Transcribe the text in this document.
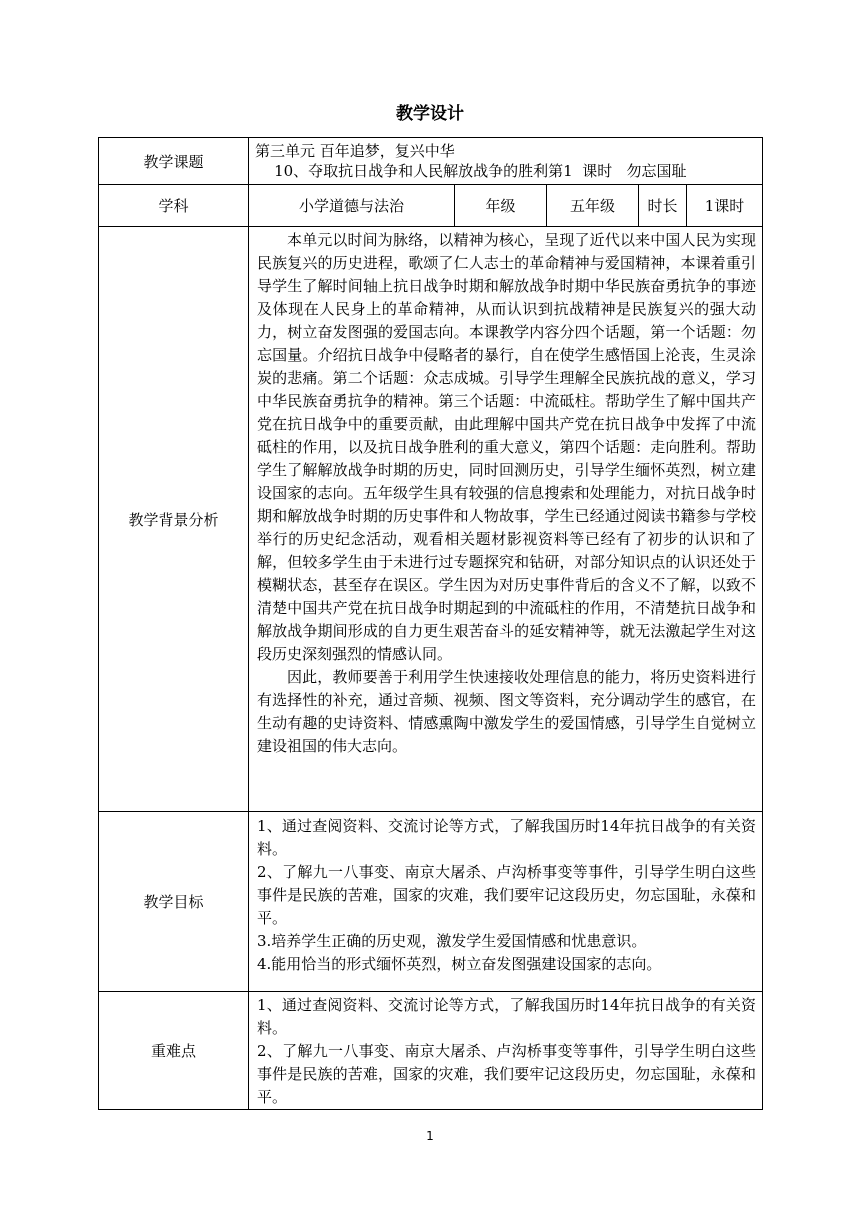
教学设计
教学课题	第三单元 百年追梦，复兴中华
10、夺取抗日战争和人民解放战争的胜利第1  课时   勿忘国耻				

学科	小学道德与法治	年级	五年级	时长	1课时
教学背景分析	本单元以时间为脉络，以精神为核心，呈现了近代以来中国人民为实现民族复兴的历史进程，歌颂了仁人志士的革命精神与爱国精神，本课着重引导学生了解时间轴上抗日战争时期和解放战争时期中华民族奋勇抗争的事迹及体现在人民身上的革命精神，从而认识到抗战精神是民族复兴的强大动力，树立奋发图强的爱国志向。本课教学内容分四个话题，第一个话题：勿忘国量。介绍抗日战争中侵略者的暴行，自在使学生感悟国上沦丧，生灵涂炭的悲痛。第二个话题：众志成城。引导学生理解全民族抗战的意义，学习中华民族奋勇抗争的精神。第三个话题：中流砥柱。帮助学生了解中国共产党在抗日战争中的重要贡献，由此理解中国共产党在抗日战争中发挥了中流砥柱的作用，以及抗日战争胜利的重大意义，第四个话题：走向胜利。帮助学生了解解放战争时期的历史，同时回测历史，引导学生缅怀英烈，树立建设国家的志向。五年级学生具有较强的信息搜索和处理能力，对抗日战争时期和解放战争时期的历史事件和人物故事，学生已经通过阅读书籍参与学校举行的历史纪念活动，观看相关题材影视资料等已经有了初步的认识和了解，但较多学生由于未进行过专题探究和钻研，对部分知识点的认识还处于模糊状态，甚至存在误区。学生因为对历史事件背后的含义不了解，以致不清楚中国共产党在抗日战争时期起到的中流砥柱的作用，不清楚抗日战争和解放战争期间形成的自力更生艰苦奋斗的延安精神等，就无法激起学生对这段历史深刻强烈的情感认同。

因此，教师要善于利用学生快速接收处理信息的能力，将历史资料进行有选择性的补充，通过音频、视频、图文等资料，充分调动学生的感官，在生动有趣的史诗资料、情感熏陶中激发学生的爱国情感，引导学生自觉树立建设祖国的伟大志向。				

教学目标	1、通过查阅资料、交流讨论等方式，了解我国历时14年抗日战争的有关资料。

2、了解九一八事变、南京大屠杀、卢沟桥事变等事件，引导学生明白这些事件是民族的苦难，国家的灾难，我们要牢记这段历史，勿忘国耻，永葆和平。

3.培养学生正确的历史观，激发学生爱国情感和忧患意识。

4.能用恰当的形式缅怀英烈，树立奋发图强建设国家的志向。				

重难点	1、通过查阅资料、交流讨论等方式，了解我国历时14年抗日战争的有关资料。

2、了解九一八事变、南京大屠杀、卢沟桥事变等事件，引导学生明白这些事件是民族的苦难，国家的灾难，我们要牢记这段历史，勿忘国耻，永葆和平。				

1
